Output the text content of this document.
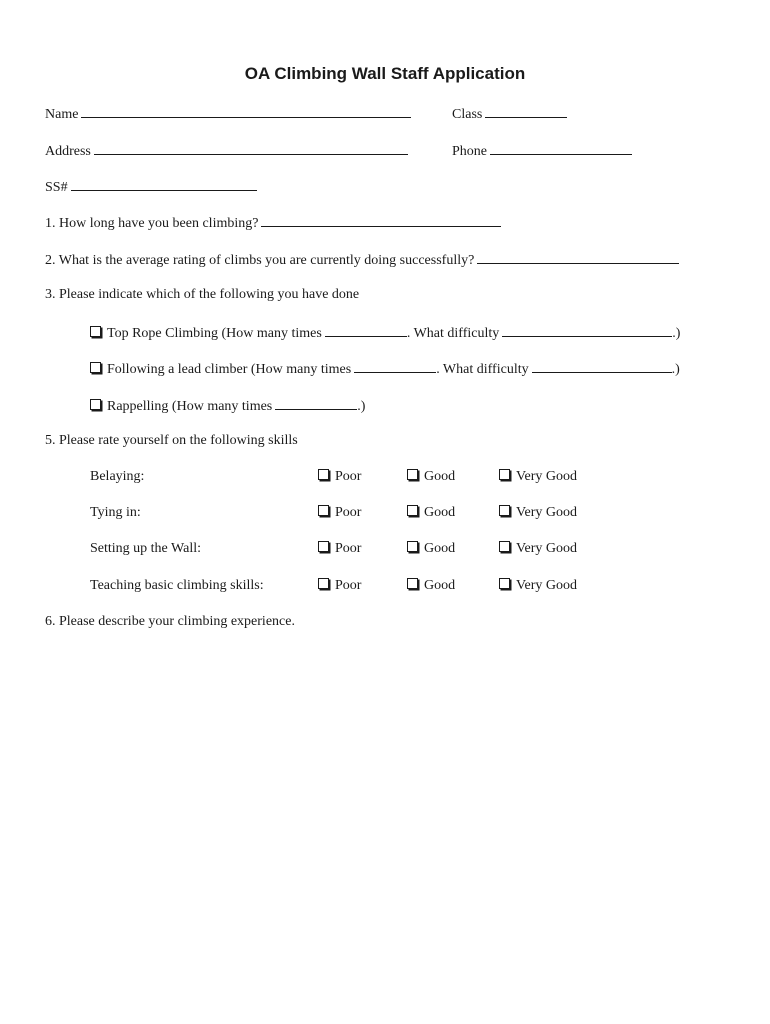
OA Climbing Wall Staff Application
Name	Class
Address	Phone
SS#
1. How long have you been climbing?
2. What is the average rating of climbs you are currently doing successfully?
3. Please indicate which of the following you have done
Top Rope Climbing (How many times	. What difficulty	.)
Following a lead climber (How many times	. What difficulty	.)
Rappelling (How many times	.)
5. Please rate yourself on the following skills
Belaying:	Poor	Good	Very Good
Tying in:	Poor	Good	Very Good
Setting up the Wall:	Poor	Good	Very Good
Teaching basic climbing skills:	Poor	Good	Very Good
6. Please describe your climbing experience.
